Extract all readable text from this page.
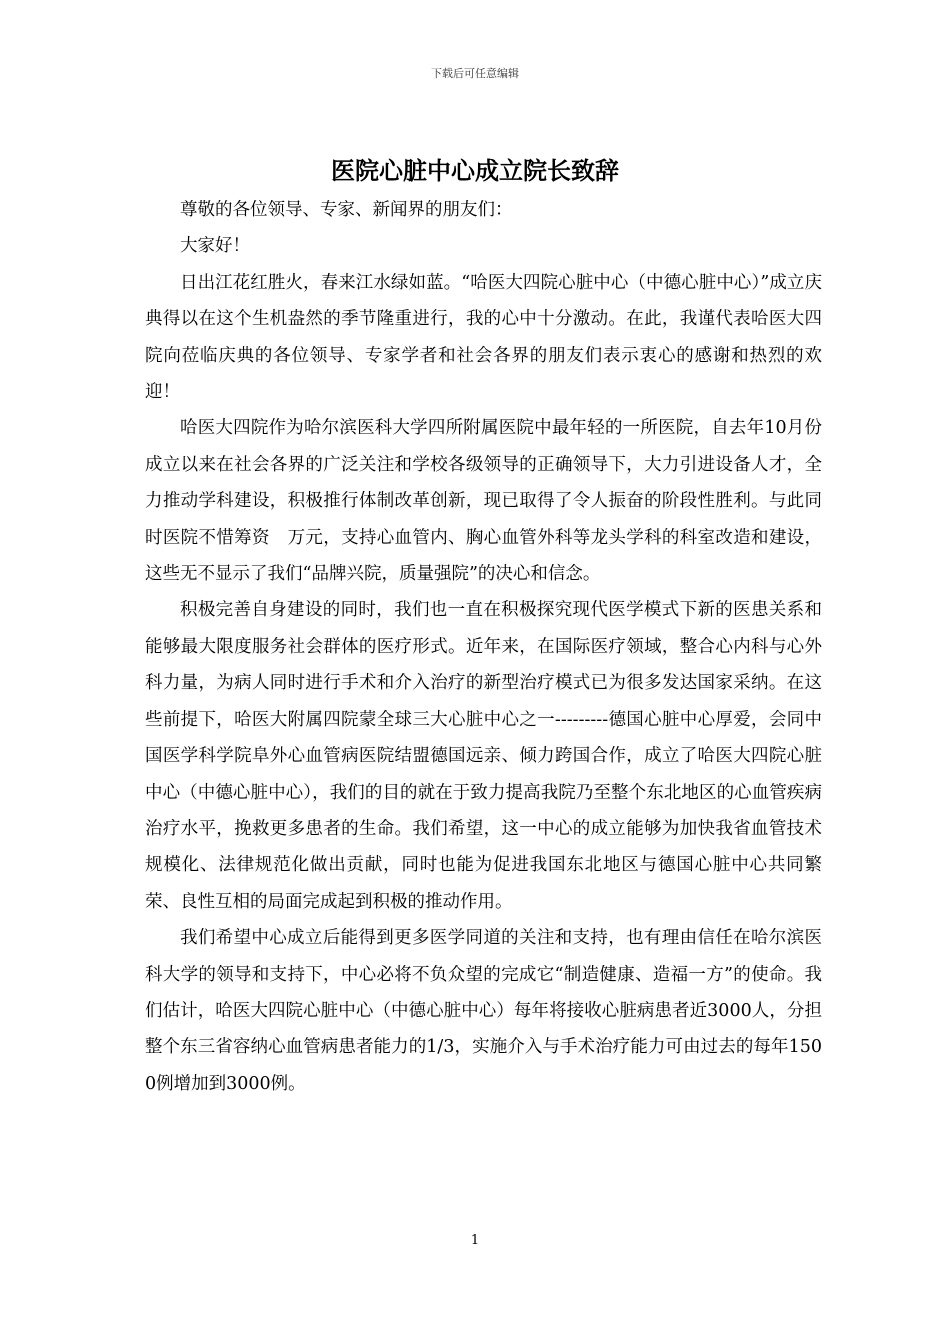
下载后可任意编辑
医院心脏中心成立院长致辞

尊敬的各位领导、专家、新闻界的朋友们：

大家好！

日出江花红胜火，春来江水绿如蓝。“哈医大四院心脏中心（中德心脏中心）”成立庆典得以在这个生机盎然的季节隆重进行，我的心中十分激动。在此，我谨代表哈医大四院向莅临庆典的各位领导、专家学者和社会各界的朋友们表示衷心的感谢和热烈的欢迎！

哈医大四院作为哈尔滨医科大学四所附属医院中最年轻的一所医院，自去年10月份成立以来在社会各界的广泛关注和学校各级领导的正确领导下，大力引进设备人才，全力推动学科建设，积极推行体制改革创新，现已取得了令人振奋的阶段性胜利。与此同时医院不惜筹资　万元，支持心血管内、胸心血管外科等龙头学科的科室改造和建设，这些无不显示了我们“品牌兴院，质量强院”的决心和信念。

积极完善自身建设的同时，我们也一直在积极探究现代医学模式下新的医患关系和能够最大限度服务社会群体的医疗形式。近年来，在国际医疗领域，整合心内科与心外科力量，为病人同时进行手术和介入治疗的新型治疗模式已为很多发达国家采纳。在这些前提下，哈医大附属四院蒙全球三大心脏中心之一---------德国心脏中心厚爱，会同中国医学科学院阜外心血管病医院结盟德国远亲、倾力跨国合作，成立了哈医大四院心脏中心（中德心脏中心），我们的目的就在于致力提高我院乃至整个东北地区的心血管疾病治疗水平，挽救更多患者的生命。我们希望，这一中心的成立能够为加快我省血管技术规模化、法律规范化做出贡献，同时也能为促进我国东北地区与德国心脏中心共同繁荣、良性互相的局面完成起到积极的推动作用。

我们希望中心成立后能得到更多医学同道的关注和支持，也有理由信任在哈尔滨医科大学的领导和支持下，中心必将不负众望的完成它“制造健康、造福一方”的使命。我们估计，哈医大四院心脏中心（中德心脏中心）每年将接收心脏病患者近3000人，分担整个东三省容纳心血管病患者能力的1/3，实施介入与手术治疗能力可由过去的每年1500例增加到3000例。

1
